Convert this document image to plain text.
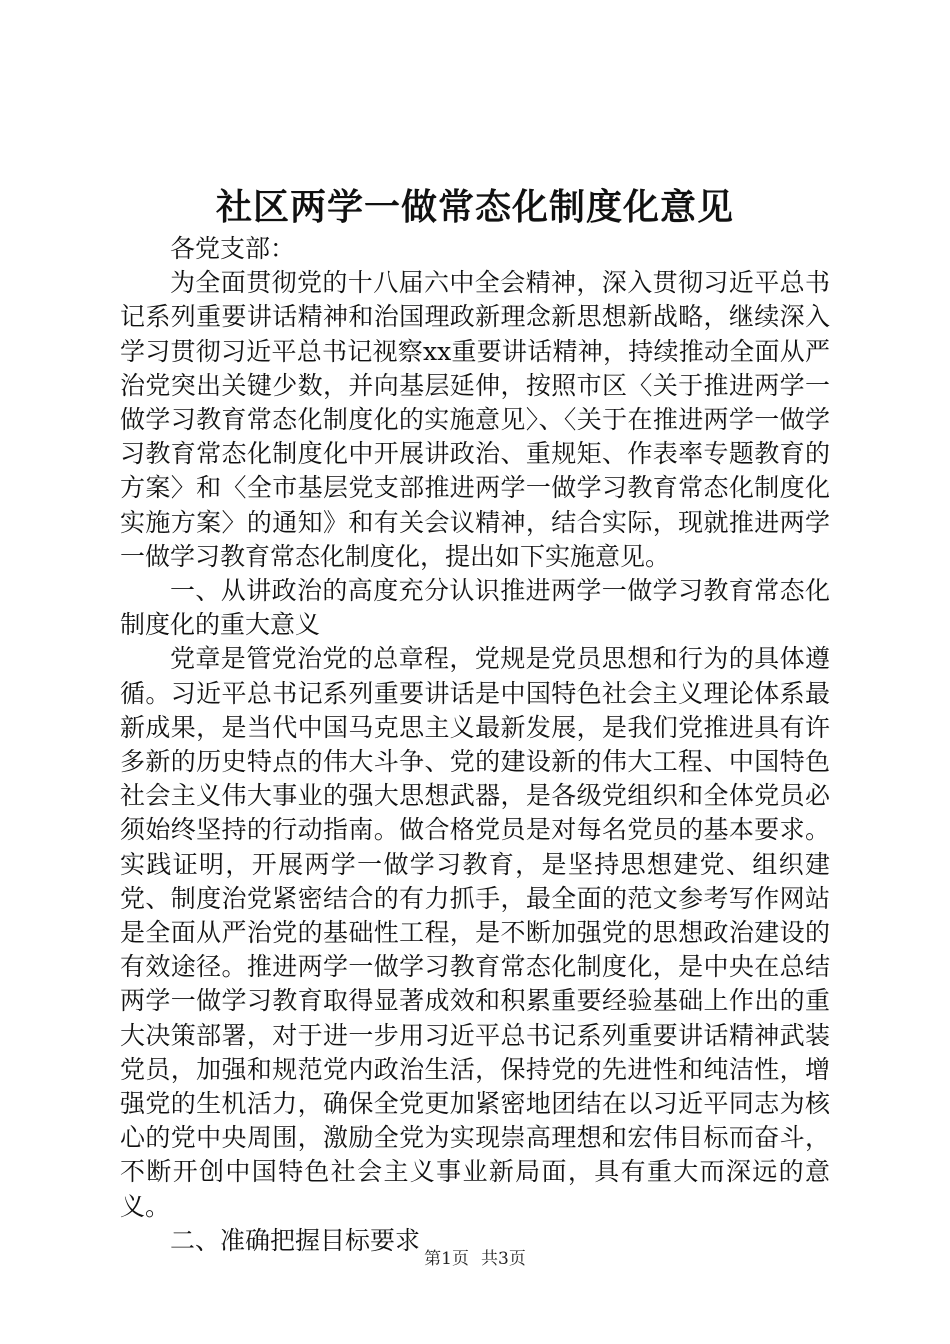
社区两学一做常态化制度化意见

各党支部：

为全面贯彻党的十八届六中全会精神，深入贯彻习近平总书记系列重要讲话精神和治国理政新理念新思想新战略，继续深入学习贯彻习近平总书记视察xx重要讲话精神，持续推动全面从严治党突出关键少数，并向基层延伸，按照市区〈关于推进两学一做学习教育常态化制度化的实施意见〉、〈关于在推进两学一做学习教育常态化制度化中开展讲政治、重规矩、作表率专题教育的方案〉和〈全市基层党支部推进两学一做学习教育常态化制度化实施方案〉的通知》和有关会议精神，结合实际，现就推进两学一做学习教育常态化制度化，提出如下实施意见。

一、从讲政治的高度充分认识推进两学一做学习教育常态化制度化的重大意义

党章是管党治党的总章程，党规是党员思想和行为的具体遵循。习近平总书记系列重要讲话是中国特色社会主义理论体系最新成果，是当代中国马克思主义最新发展，是我们党推进具有许多新的历史特点的伟大斗争、党的建设新的伟大工程、中国特色社会主义伟大事业的强大思想武器，是各级党组织和全体党员必须始终坚持的行动指南。做合格党员是对每名党员的基本要求。实践证明，开展两学一做学习教育，是坚持思想建党、组织建党、制度治党紧密结合的有力抓手，最全面的范文参考写作网站是全面从严治党的基础性工程，是不断加强党的思想政治建设的有效途径。推进两学一做学习教育常态化制度化，是中央在总结两学一做学习教育取得显著成效和积累重要经验基础上作出的重大决策部署，对于进一步用习近平总书记系列重要讲话精神武装党员，加强和规范党内政治生活，保持党的先进性和纯洁性，增强党的生机活力，确保全党更加紧密地团结在以习近平同志为核心的党中央周围，激励全党为实现崇高理想和宏伟目标而奋斗，不断开创中国特色社会主义事业新局面，具有重大而深远的意义。

二、准确把握目标要求

第1页 共3页
